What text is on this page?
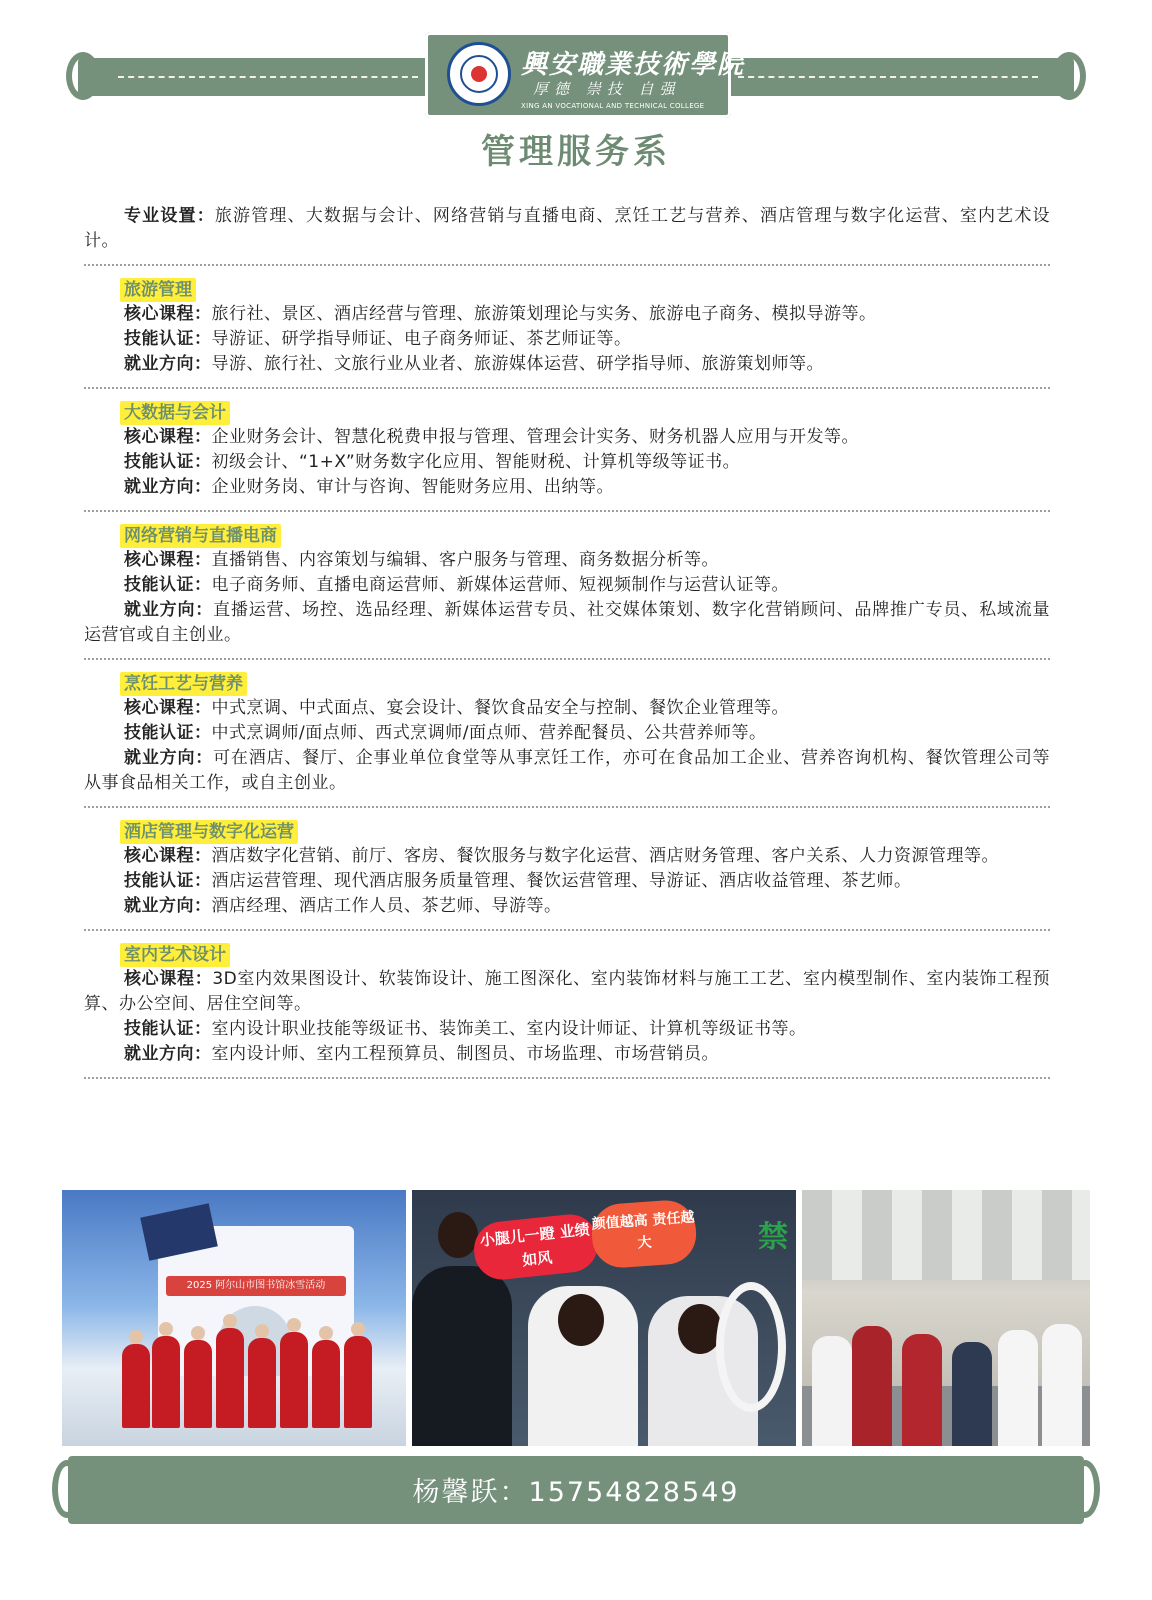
興安職業技術學院
厚德 崇技 自强
XING AN VOCATIONAL AND TECHNICAL COLLEGE
管理服务系

专业设置：旅游管理、大数据与会计、网络营销与直播电商、烹饪工艺与营养、酒店管理与数字化运营、室内艺术设计。

旅游管理

核心课程：旅行社、景区、酒店经营与管理、旅游策划理论与实务、旅游电子商务、模拟导游等。

技能认证：导游证、研学指导师证、电子商务师证、茶艺师证等。

就业方向：导游、旅行社、文旅行业从业者、旅游媒体运营、研学指导师、旅游策划师等。

大数据与会计

核心课程：企业财务会计、智慧化税费申报与管理、管理会计实务、财务机器人应用与开发等。

技能认证：初级会计、“1+X”财务数字化应用、智能财税、计算机等级等证书。

就业方向：企业财务岗、审计与咨询、智能财务应用、出纳等。

网络营销与直播电商

核心课程：直播销售、内容策划与编辑、客户服务与管理、商务数据分析等。

技能认证：电子商务师、直播电商运营师、新媒体运营师、短视频制作与运营认证等。

就业方向：直播运营、场控、选品经理、新媒体运营专员、社交媒体策划、数字化营销顾问、品牌推广专员、私域流量运营官或自主创业。

烹饪工艺与营养

核心课程：中式烹调、中式面点、宴会设计、餐饮食品安全与控制、餐饮企业管理等。

技能认证：中式烹调师/面点师、西式烹调师/面点师、营养配餐员、公共营养师等。

就业方向：可在酒店、餐厅、企事业单位食堂等从事烹饪工作，亦可在食品加工企业、营养咨询机构、餐饮管理公司等从事食品相关工作，或自主创业。

酒店管理与数字化运营

核心课程：酒店数字化营销、前厅、客房、餐饮服务与数字化运营、酒店财务管理、客户关系、人力资源管理等。

技能认证：酒店运营管理、现代酒店服务质量管理、餐饮运营管理、导游证、酒店收益管理、茶艺师。

就业方向：酒店经理、酒店工作人员、茶艺师、导游等。

室内艺术设计

核心课程：3D室内效果图设计、软装饰设计、施工图深化、室内装饰材料与施工工艺、室内模型制作、室内装饰工程预算、办公空间、居住空间等。

技能认证：室内设计职业技能等级证书、装饰美工、室内设计师证、计算机等级证书等。

就业方向：室内设计师、室内工程预算员、制图员、市场监理、市场营销员。

2025 阿尔山市图书馆冰雪活动
小腿儿一蹬 业绩如风
颜值越高 责任越大	禁
杨馨跃：15754828549
